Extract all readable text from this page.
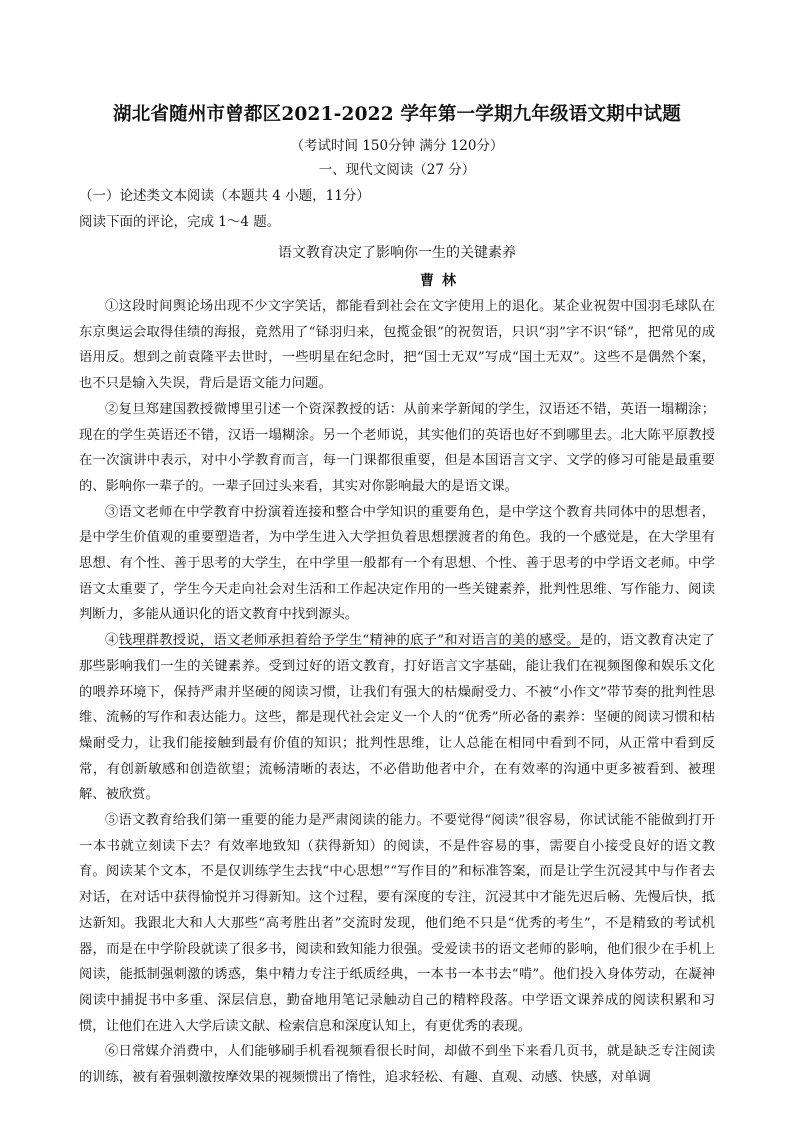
湖北省随州市曾都区2021-2022 学年第一学期九年级语文期中试题
（考试时间 150分钟 满分 120分）
一、现代文阅读（27 分）
（一）论述类文本阅读（本题共 4 小题，11分）
阅读下面的评论，完成 1～4 题。
语文教育决定了影响你一生的关键素养
曹林

①这段时间舆论场出现不少文字笑话，都能看到社会在文字使用上的退化。某企业祝贺中国羽毛球队在东京奥运会取得佳绩的海报，竟然用了“铩羽归来，包揽金银”的祝贺语，只识“羽”字不识“铩”，把常见的成语用反。想到之前袁隆平去世时，一些明星在纪念时，把“国士无双”写成“国土无双”。这些不是偶然个案，也不只是输入失误，背后是语文能力问题。

②复旦郑建国教授微博里引述一个资深教授的话：从前来学新闻的学生，汉语还不错，英语一塌糊涂；现在的学生英语还不错，汉语一塌糊涂。另一个老师说，其实他们的英语也好不到哪里去。北大陈平原教授在一次演讲中表示，对中小学教育而言，每一门课都很重要，但是本国语言文字、文学的修习可能是最重要的、影响你一辈子的。一辈子回过头来看，其实对你影响最大的是语文课。

③语文老师在中学教育中扮演着连接和整合中学知识的重要角色，是中学这个教育共同体中的思想者，是中学生价值观的重要塑造者，为中学生进入大学担负着思想摆渡者的角色。我的一个感觉是，在大学里有思想、有个性、善于思考的大学生，在中学里一般都有一个有思想、个性、善于思考的中学语文老师。中学语文太重要了，学生今天走向社会对生活和工作起决定作用的一些关键素养，批判性思维、写作能力、阅读判断力，多能从通识化的语文教育中找到源头。

④钱理群教授说，语文老师承担着给予学生“精神的底子”和对语言的美的感受。是的，语文教育决定了那些影响我们一生的关键素养。受到过好的语文教育，打好语言文字基础，能让我们在视频图像和娱乐文化的喂养环境下，保持严肃并坚硬的阅读习惯，让我们有强大的枯燥耐受力、不被“小作文”带节奏的批判性思维、流畅的写作和表达能力。这些，都是现代社会定义一个人的“优秀”所必备的素养：坚硬的阅读习惯和枯燥耐受力，让我们能接触到最有价值的知识；批判性思维，让人总能在相同中看到不同，从正常中看到反常，有创新敏感和创造欲望；流畅清晰的表达，不必借助他者中介，在有效率的沟通中更多被看到、被理解、被欣赏。

⑤语文教育给我们第一重要的能力是严肃阅读的能力。不要觉得“阅读”很容易，你试试能不能做到打开一本书就立刻读下去？有效率地致知（获得新知）的阅读，不是件容易的事，需要自小接受良好的语文教育。阅读某个文本，不是仅训练学生去找“中心思想”“写作目的”和标准答案，而是让学生沉浸其中与作者去对话，在对话中获得愉悦并习得新知。这个过程，要有深度的专注，沉浸其中才能先迟后畅、先慢后快，抵达新知。我跟北大和人大那些“高考胜出者”交流时发现，他们绝不只是“优秀的考生”，不是精致的考试机器，而是在中学阶段就读了很多书，阅读和致知能力很强。受爱读书的语文老师的影响，他们很少在手机上阅读，能抵制强刺激的诱惑，集中精力专注于纸质经典，一本书一本书去“啃”。他们投入身体劳动，在凝神阅读中捕捉书中多重、深层信息，勤奋地用笔记录触动自己的精粹段落。中学语文课养成的阅读积累和习惯，让他们在进入大学后读文献、检索信息和深度认知上，有更优秀的表现。

⑥日常媒介消费中，人们能够刷手机看视频看很长时间，却做不到坐下来看几页书，就是缺乏专注阅读的训练，被有着强刺激按摩效果的视频惯出了惰性，追求轻松、有趣、直观、动感、快感，对单调
